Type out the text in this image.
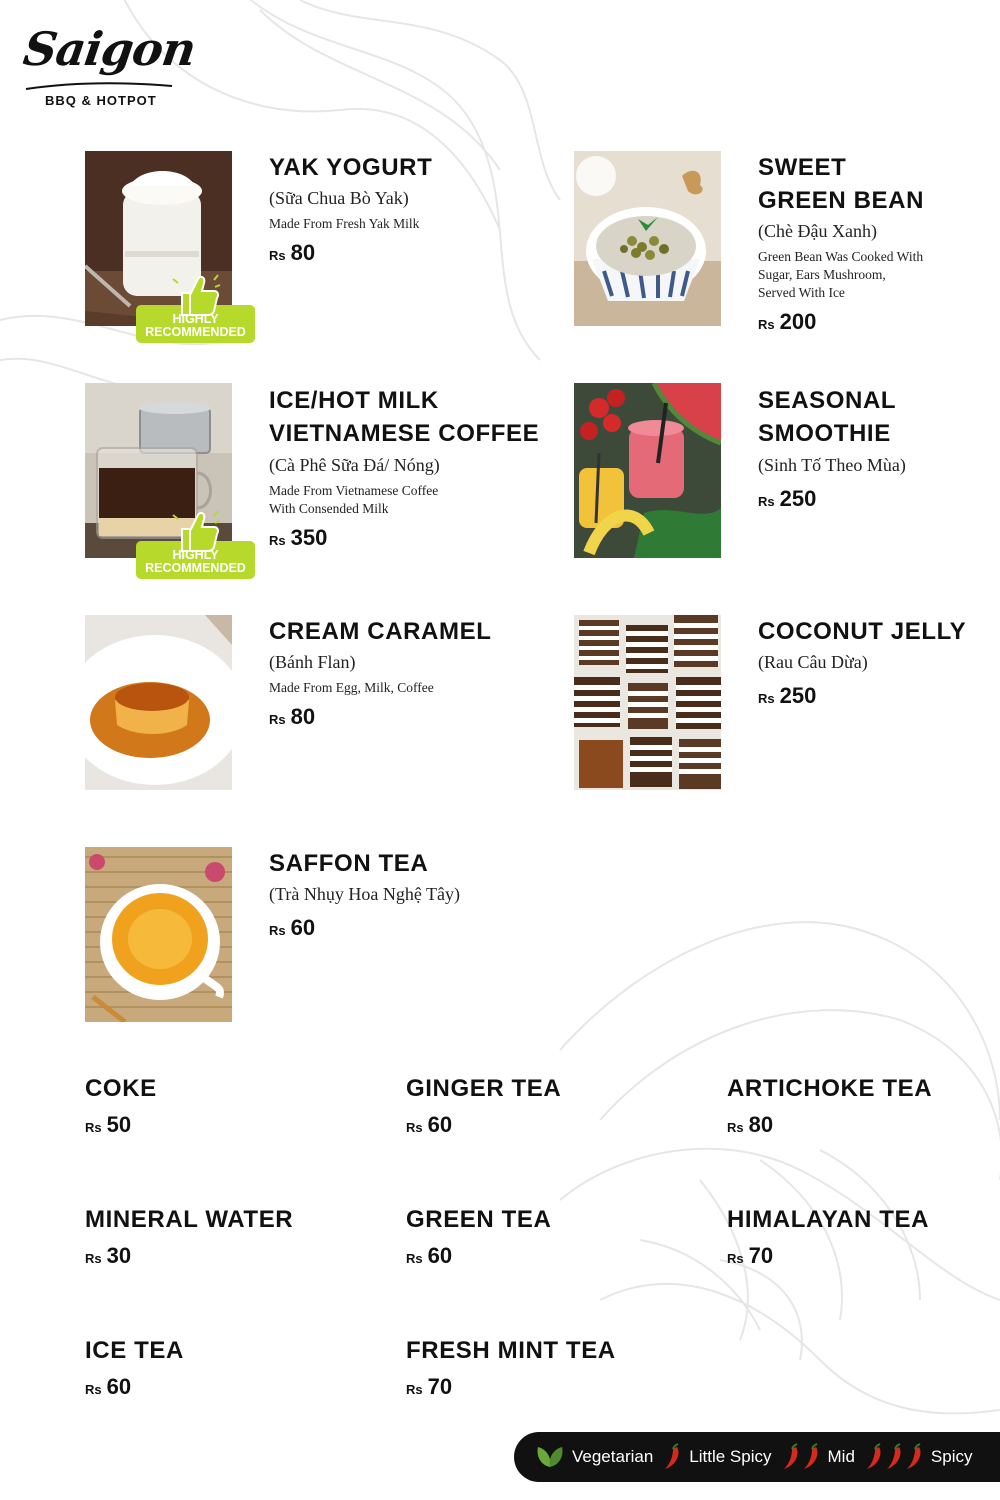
Saigon
BBQ & HOTPOT
HIGHLY
RECOMMENDED
YAK YOGURT
(Sữa Chua Bò Yak)
Made From Fresh Yak Milk
Rs 80
SWEET
GREEN BEAN
(Chè Đậu Xanh)
Green Bean Was Cooked With
Sugar, Ears Mushroom,
Served With Ice
Rs 200
HIGHLY
RECOMMENDED
ICE/HOT MILK
VIETNAMESE COFFEE
(Cà Phê Sữa Đá/ Nóng)
Made From Vietnamese Coffee
With Consended Milk
Rs 350
SEASONAL
SMOOTHIE
(Sinh Tố Theo Mùa)
Rs 250
CREAM CARAMEL
(Bánh Flan)
Made From Egg, Milk, Coffee
Rs 80
COCONUT JELLY
(Rau Câu Dừa)
Rs 250
SAFFON TEA
(Trà Nhụy Hoa Nghệ Tây)
Rs 60
COKE
Rs 50
GINGER TEA
Rs 60
ARTICHOKE TEA
Rs 80
MINERAL WATER
Rs 30
GREEN TEA
Rs 60
HIMALAYAN TEA
Rs 70
ICE TEA
Rs 60
FRESH MINT TEA
Rs 70
Vegetarian Little Spicy	Mid	Spicy
